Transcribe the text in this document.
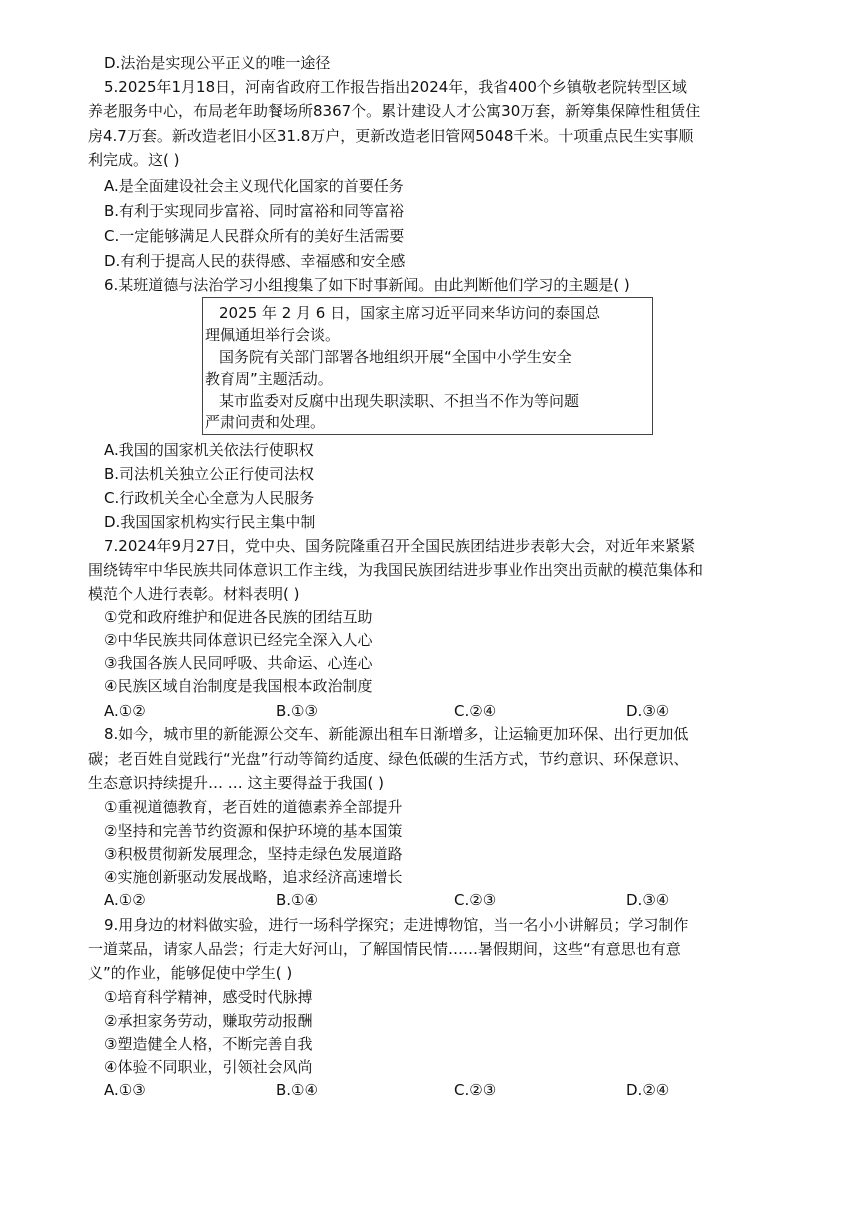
D.法治是实现公平正义的唯一途径
5.2025年1月18日，河南省政府工作报告指出2024年，我省400个乡镇敬老院转型区域
养老服务中心，布局老年助餐场所8367个。累计建设人才公寓30万套，新筹集保障性租赁住
房4.7万套。新改造老旧小区31.8万户，更新改造老旧管网5048千米。十项重点民生实事顺
利完成。这( )
A.是全面建设社会主义现代化国家的首要任务
B.有利于实现同步富裕、同时富裕和同等富裕
C.一定能够满足人民群众所有的美好生活需要
D.有利于提高人民的获得感、幸福感和安全感
6.某班道德与法治学习小组搜集了如下时事新闻。由此判断他们学习的主题是( )
2025 年 2 月 6 日，国家主席习近平同来华访问的泰国总
理佩通坦举行会谈。
国务院有关部门部署各地组织开展“全国中小学生安全
教育周”主题活动。
某市监委对反腐中出现失职渎职、不担当不作为等问题
严肃问责和处理。
A.我国的国家机关依法行使职权
B.司法机关独立公正行使司法权
C.行政机关全心全意为人民服务
D.我国国家机构实行民主集中制
7.2024年9月27日，党中央、国务院隆重召开全国民族团结进步表彰大会，对近年来紧紧
围绕铸牢中华民族共同体意识工作主线，为我国民族团结进步事业作出突出贡献的模范集体和
模范个人进行表彰。材料表明( )
①党和政府维护和促进各民族的团结互助
②中华民族共同体意识已经完全深入人心
③我国各族人民同呼吸、共命运、心连心
④民族区域自治制度是我国根本政治制度
A.①②	B.①③	C.②④	D.③④
8.如今，城市里的新能源公交车、新能源出租车日渐增多，让运输更加环保、出行更加低
碳；老百姓自觉践行“光盘”行动等简约适度、绿色低碳的生活方式，节约意识、环保意识、
生态意识持续提升… … 这主要得益于我国( )
①重视道德教育，老百姓的道德素养全部提升
②坚持和完善节约资源和保护环境的基本国策
③积极贯彻新发展理念，坚持走绿色发展道路
④实施创新驱动发展战略，追求经济高速增长
A.①②	B.①④	C.②③	D.③④
9.用身边的材料做实验，进行一场科学探究；走进博物馆，当一名小小讲解员；学习制作
一道菜品，请家人品尝；行走大好河山，了解国情民情……暑假期间，这些“有意思也有意
义”的作业，能够促使中学生( )
①培育科学精神，感受时代脉搏
②承担家务劳动，赚取劳动报酬
③塑造健全人格，不断完善自我
④体验不同职业，引领社会风尚
A.①③	B.①④	C.②③	D.②④
